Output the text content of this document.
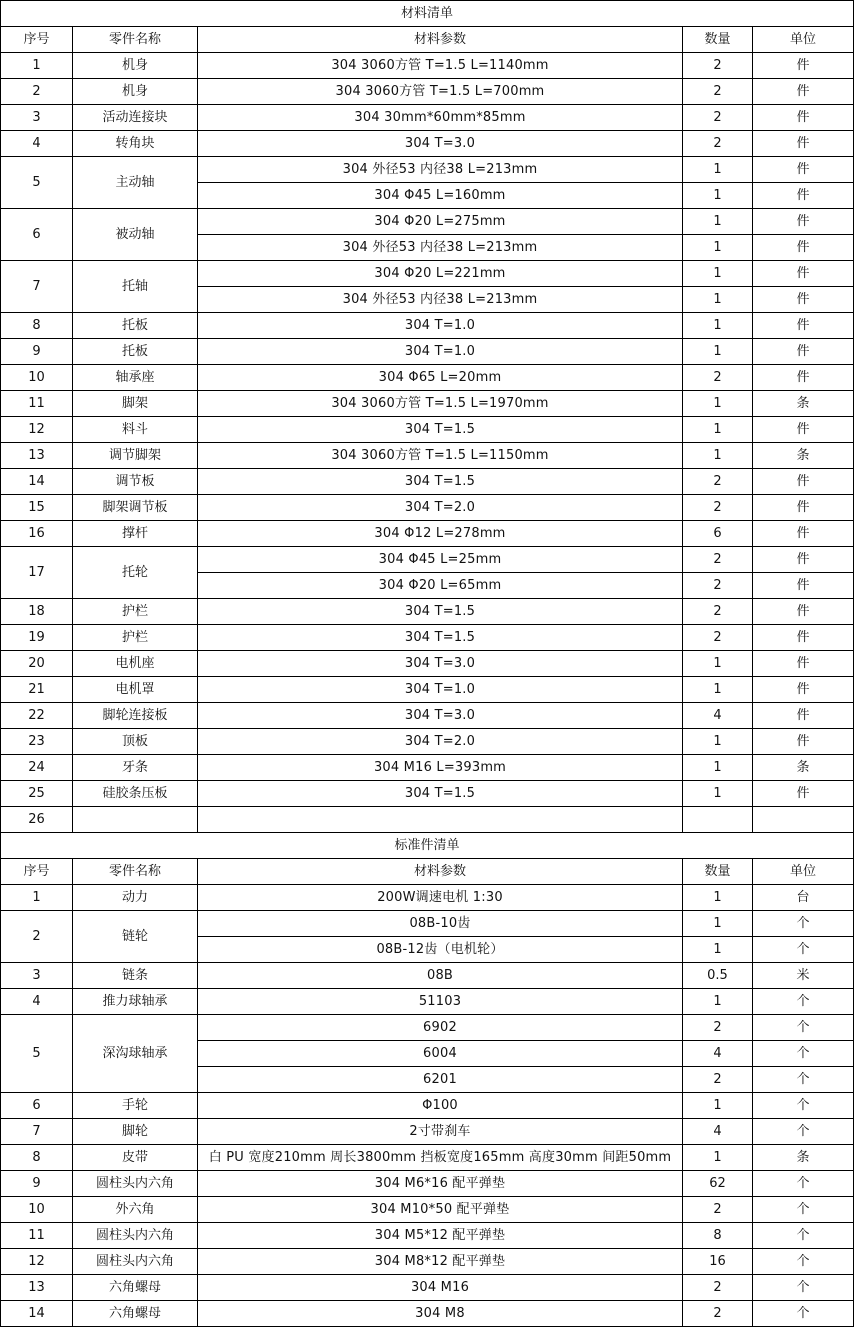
材料清单				
序号	零件名称	材料参数	数量	单位
1	机身	304 3060方管 T=1.5 L=1140mm	2	件
2	机身	304 3060方管 T=1.5 L=700mm	2	件
3	活动连接块	304 30mm*60mm*85mm	2	件
4	转角块	304 T=3.0	2	件
5	主动轴	304 外径53 内径38 L=213mm	1	件
		304 Φ45 L=160mm	1	件
6	被动轴	304 Φ20 L=275mm	1	件
		304 外径53 内径38 L=213mm	1	件
7	托轴	304 Φ20 L=221mm	1	件
		304 外径53 内径38 L=213mm	1	件
8	托板	304 T=1.0	1	件
9	托板	304 T=1.0	1	件
10	轴承座	304 Φ65 L=20mm	2	件
11	脚架	304 3060方管 T=1.5 L=1970mm	1	条
12	料斗	304 T=1.5	1	件
13	调节脚架	304 3060方管 T=1.5 L=1150mm	1	条
14	调节板	304 T=1.5	2	件
15	脚架调节板	304 T=2.0	2	件
16	撑杆	304 Φ12 L=278mm	6	件
17	托轮	304 Φ45 L=25mm	2	件
		304 Φ20 L=65mm	2	件
18	护栏	304 T=1.5	2	件
19	护栏	304 T=1.5	2	件
20	电机座	304 T=3.0	1	件
21	电机罩	304 T=1.0	1	件
22	脚轮连接板	304 T=3.0	4	件
23	顶板	304 T=2.0	1	件
24	牙条	304 M16 L=393mm	1	条
25	硅胶条压板	304 T=1.5	1	件
26				
标准件清单				
序号	零件名称	材料参数	数量	单位
1	动力	200W调速电机 1:30	1	台
2	链轮	08B-10齿	1	个
		08B-12齿（电机轮）	1	个
3	链条	08B	0.5	米
4	推力球轴承	51103	1	个
5	深沟球轴承	6902	2	个
		6004	4	个
		6201	2	个
6	手轮	Φ100	1	个
7	脚轮	2寸带刹车	4	个
8	皮带	白 PU 宽度210mm 周长3800mm 挡板宽度165mm 高度30mm 间距50mm	1	条
9	圆柱头内六角	304 M6*16 配平弹垫	62	个
10	外六角	304 M10*50 配平弹垫	2	个
11	圆柱头内六角	304 M5*12 配平弹垫	8	个
12	圆柱头内六角	304 M8*12 配平弹垫	16	个
13	六角螺母	304 M16	2	个
14	六角螺母	304 M8	2	个
